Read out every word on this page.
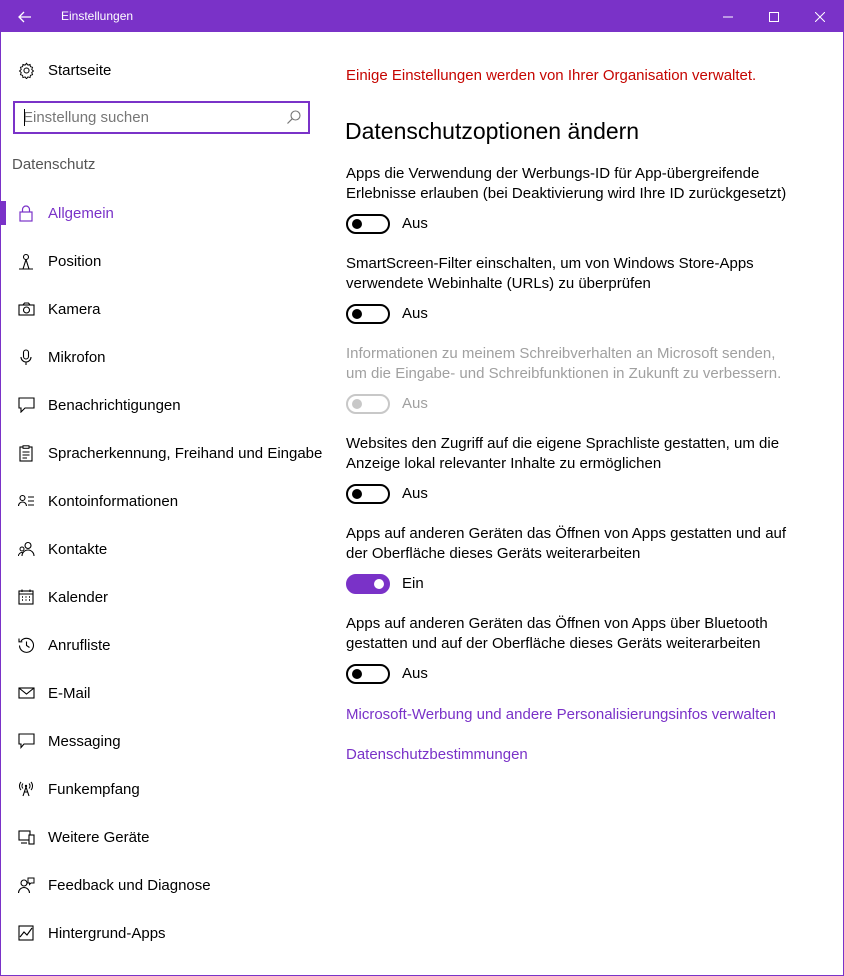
Einstellungen
Startseite
Einstellung suchen
Datenschutz
Allgemein
Position
Kamera
Mikrofon
Benachrichtigungen
Spracherkennung, Freihand und Eingabe
Kontoinformationen
Kontakte
Kalender
Anrufliste
E-Mail
Messaging
Funkempfang
Weitere Geräte
Feedback und Diagnose
Hintergrund-Apps
Einige Einstellungen werden von Ihrer Organisation verwaltet.
Datenschutzoptionen ändern
Apps die Verwendung der Werbungs-ID für App-übergreifende
Erlebnisse erlauben (bei Deaktivierung wird Ihre ID zurückgesetzt)
Aus
SmartScreen-Filter einschalten, um von Windows Store-Apps
verwendete Webinhalte (URLs) zu überprüfen
Aus
Informationen zu meinem Schreibverhalten an Microsoft senden,
um die Eingabe- und Schreibfunktionen in Zukunft zu verbessern.
Aus
Websites den Zugriff auf die eigene Sprachliste gestatten, um die
Anzeige lokal relevanter Inhalte zu ermöglichen
Aus
Apps auf anderen Geräten das Öffnen von Apps gestatten und auf
der Oberfläche dieses Geräts weiterarbeiten
Ein
Apps auf anderen Geräten das Öffnen von Apps über Bluetooth
gestatten und auf der Oberfläche dieses Geräts weiterarbeiten
Aus
Microsoft-Werbung und andere Personalisierungsinfos verwalten
Datenschutzbestimmungen
